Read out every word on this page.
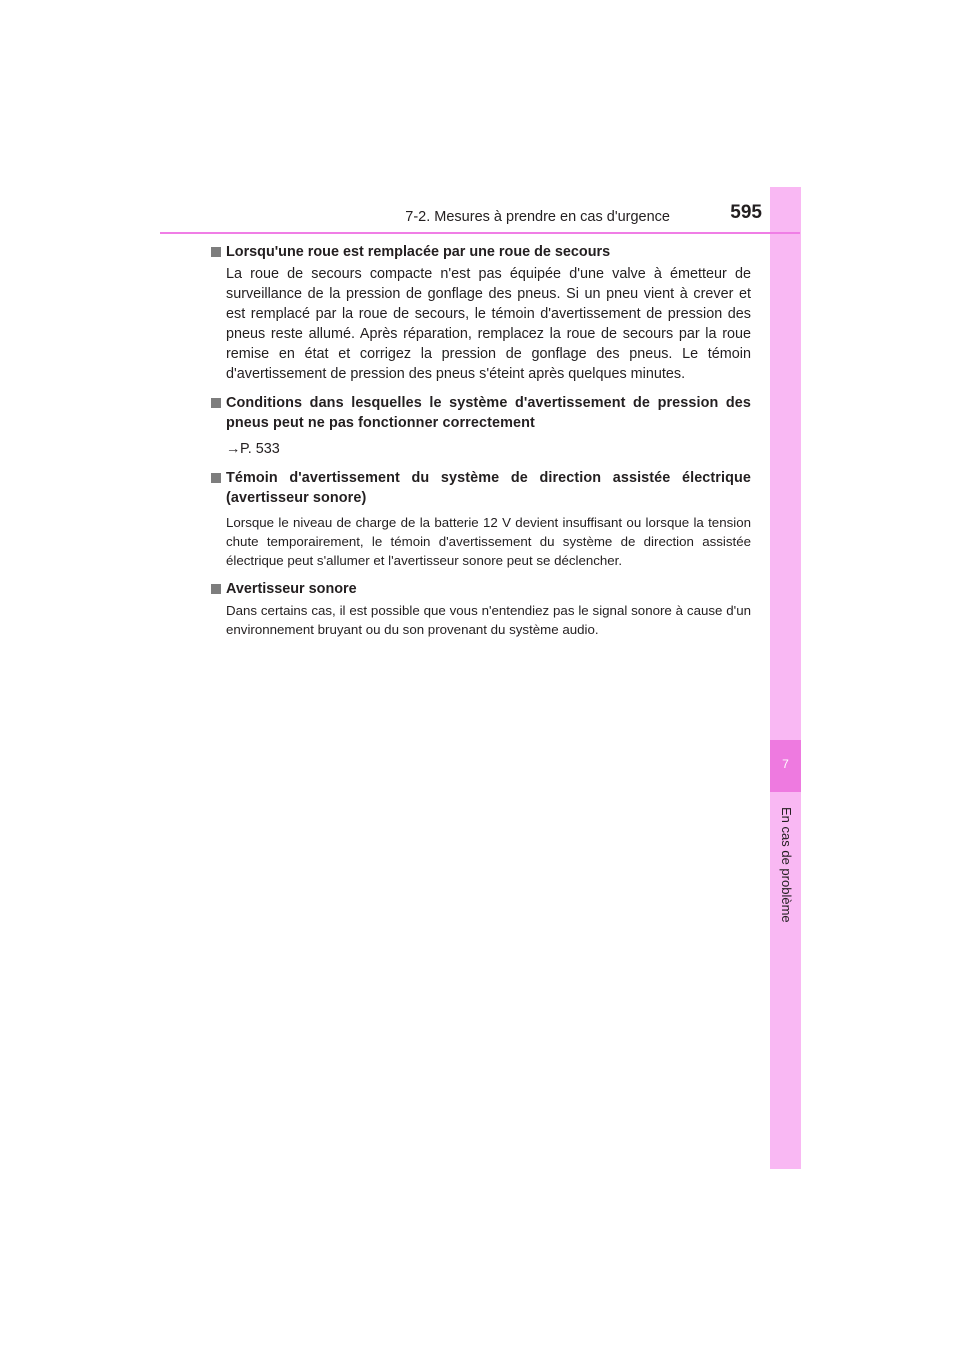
7
En cas de problème
7-2. Mesures à prendre en cas d'urgence	595
Lorsqu'une roue est remplacée par une roue de secours
La roue de secours compacte n'est pas équipée d'une valve à émetteur de surveillance de la pression de gonflage des pneus. Si un pneu vient à crever et est remplacé par la roue de secours, le témoin d'avertissement de pression des pneus reste allumé. Après réparation, remplacez la roue de secours par la roue remise en état et corrigez la pression de gonflage des pneus. Le témoin d'avertissement de pression des pneus s'éteint après quelques minutes.
Conditions dans lesquelles le système d'avertissement de pression des pneus peut ne pas fonctionner correctement
→P. 533
Témoin d'avertissement du système de direction assistée électrique (avertisseur sonore)
Lorsque le niveau de charge de la batterie 12 V devient insuffisant ou lorsque la tension chute temporairement, le témoin d'avertissement du système de direction assistée électrique peut s'allumer et l'avertisseur sonore peut se déclencher.
Avertisseur sonore
Dans certains cas, il est possible que vous n'entendiez pas le signal sonore à cause d'un environnement bruyant ou du son provenant du système audio.
